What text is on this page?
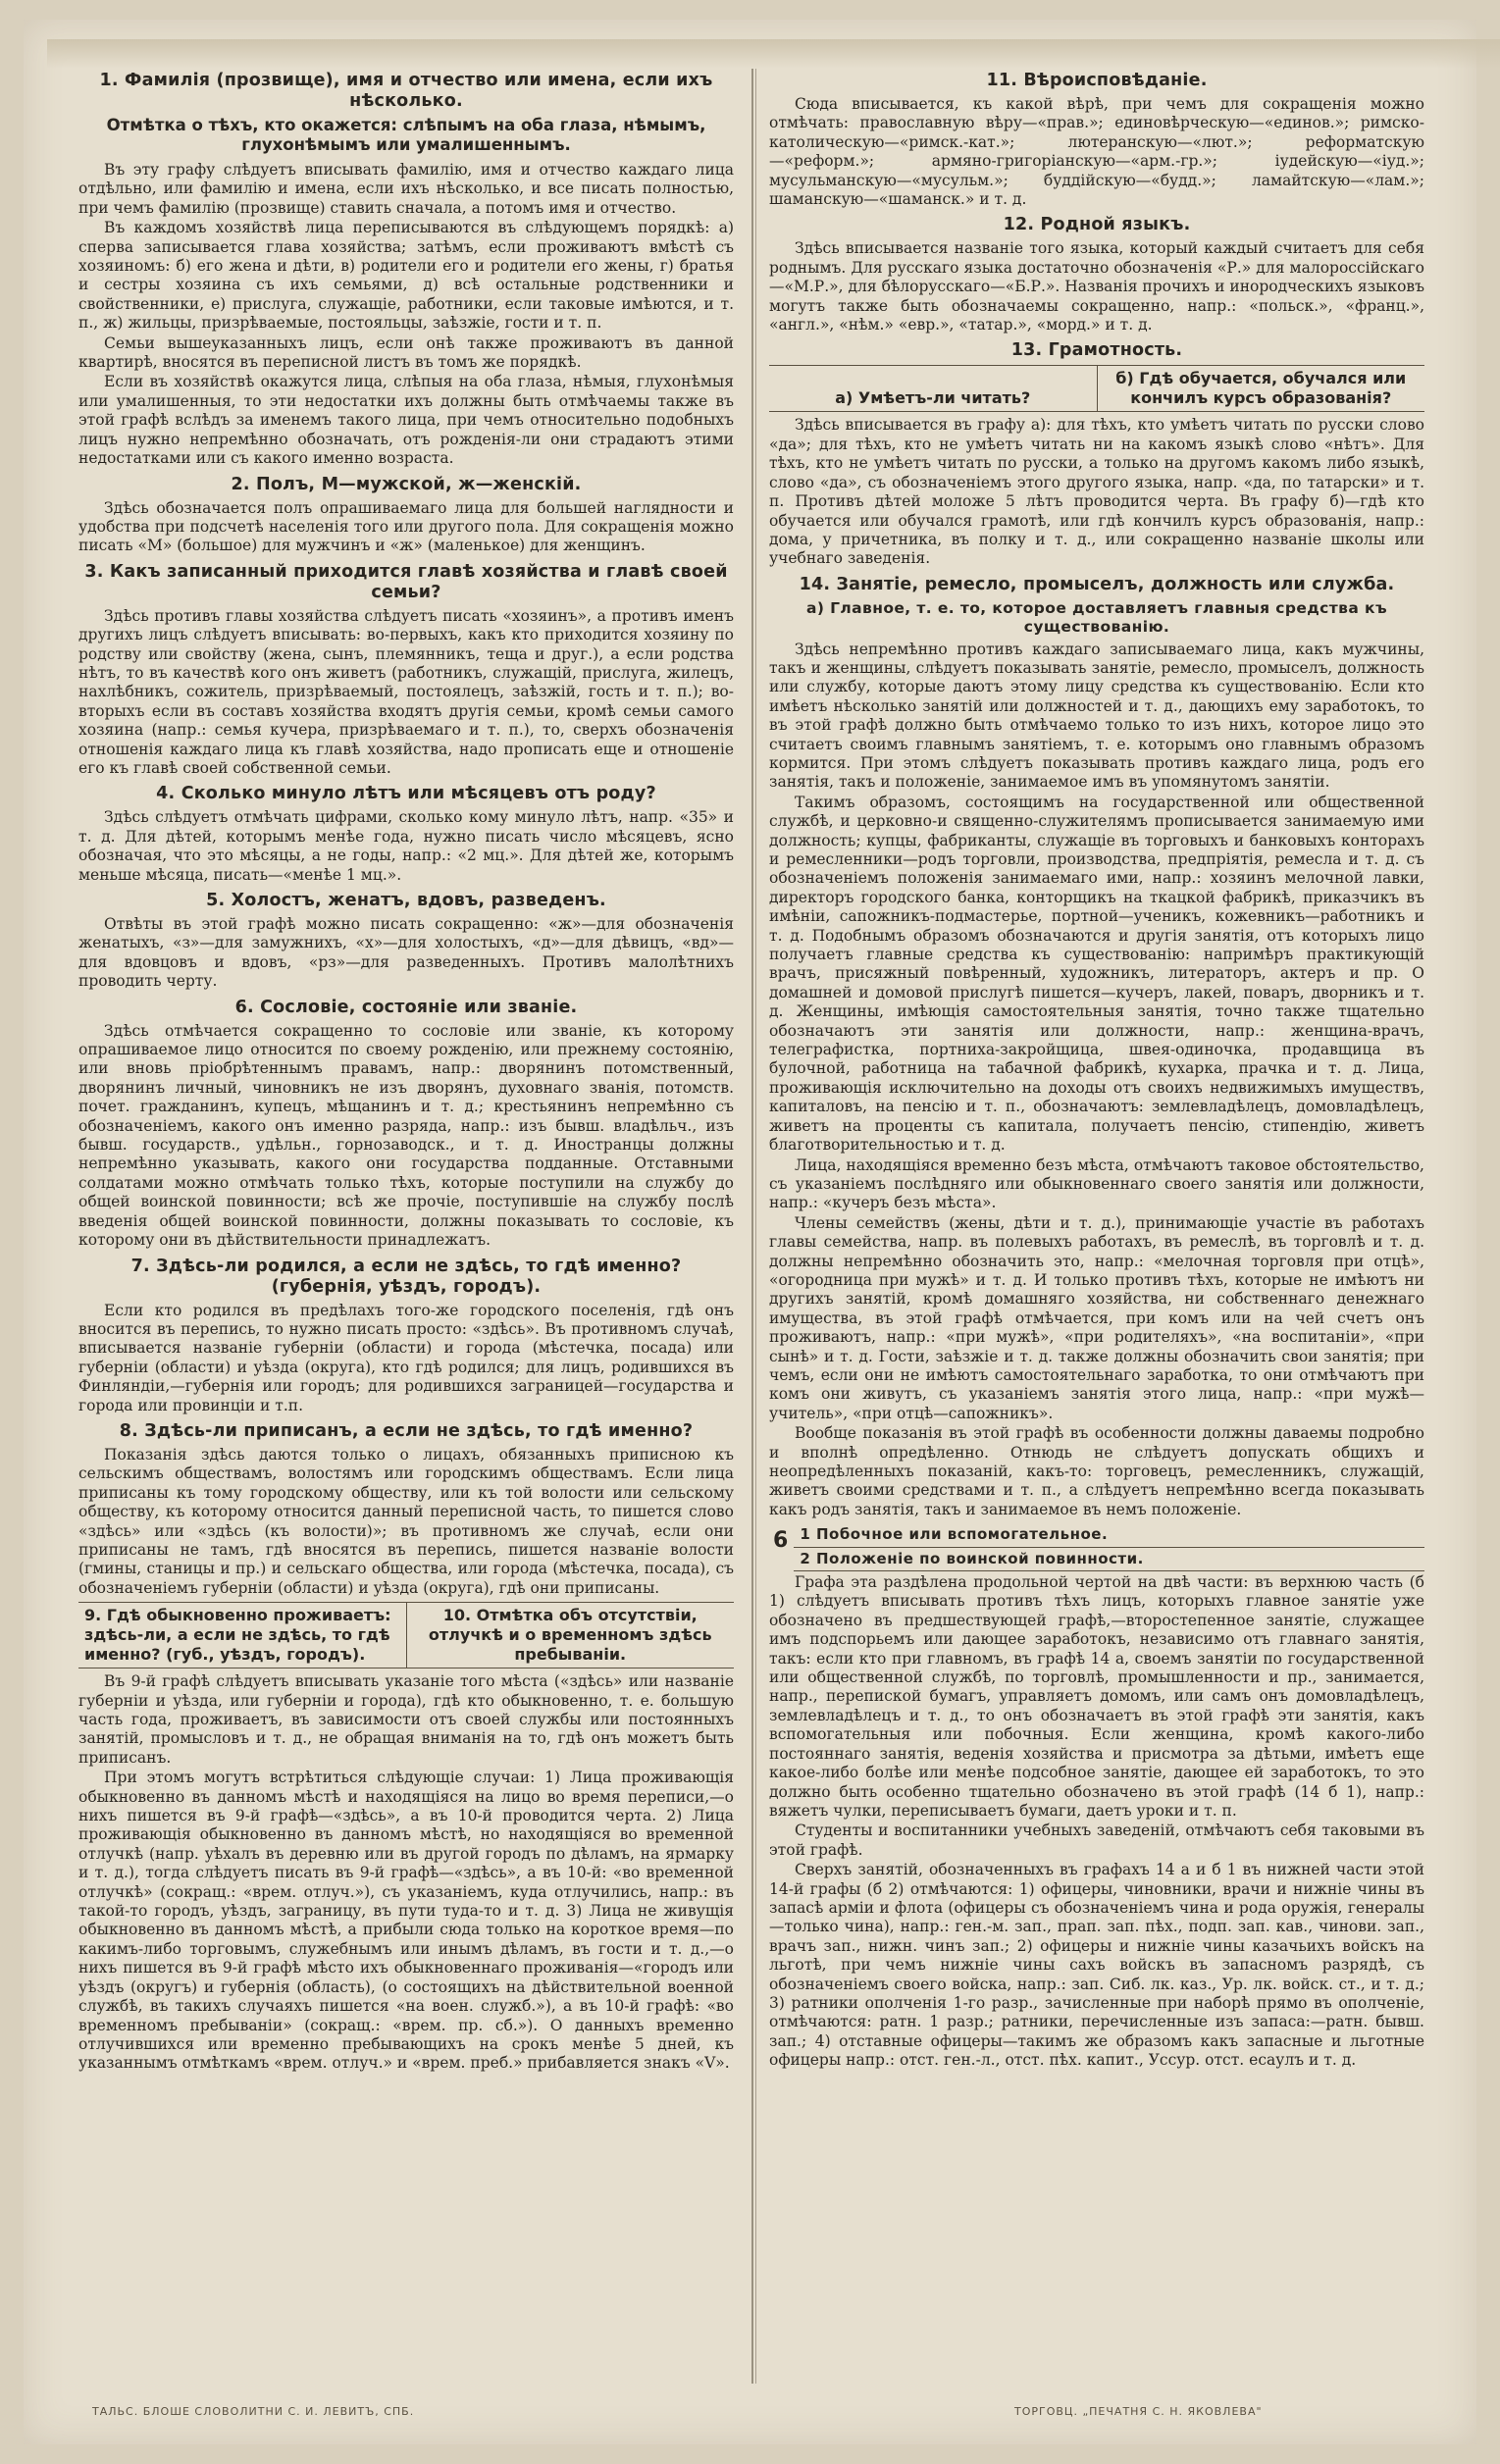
1. Фамилія (прозвище), имя и отчество или имена, если ихъ нѣсколько.
Отмѣтка о тѣхъ, кто окажется: слѣпымъ на оба глаза, нѣмымъ, глухонѣмымъ или умалишеннымъ.

Въ эту графу слѣдуетъ вписывать фамилію, имя и отчество каждаго лица отдѣльно, или фамилію и имена, если ихъ нѣсколько, и все писать полностью, при чемъ фамилію (прозвище) ставить сначала, а потомъ имя и отчество.

Въ каждомъ хозяйствѣ лица переписываются въ слѣдующемъ порядкѣ: а) сперва записывается глава хозяйства; затѣмъ, если проживаютъ вмѣстѣ съ хозяиномъ: б) его жена и дѣти, в) родители его и родители его жены, г) братья и сестры хозяина съ ихъ семьями, д) всѣ остальные родственники и свойственники, е) прислуга, служащіе, работники, если таковые имѣются, и т. п., ж) жильцы, призрѣваемые, постояльцы, заѣзжіе, гости и т. п.

Семьи вышеуказанныхъ лицъ, если онѣ также проживаютъ въ данной квартирѣ, вносятся въ переписной листъ въ томъ же порядкѣ.

Если въ хозяйствѣ окажутся лица, слѣпыя на оба глаза, нѣмыя, глухонѣмыя или умалишенныя, то эти недостатки ихъ должны быть отмѣчаемы также въ этой графѣ вслѣдъ за именемъ такого лица, при чемъ относительно подобныхъ лицъ нужно непремѣнно обозначать, отъ рожденія-ли они страдаютъ этими недостатками или съ какого именно возраста.

2. Полъ, М—мужской, ж—женскій.

Здѣсь обозначается полъ опрашиваемаго лица для большей наглядности и удобства при подсчетѣ населенія того или другого пола. Для сокращенія можно писать «М» (большое) для мужчинъ и «ж» (маленькое) для женщинъ.

3. Какъ записанный приходится главѣ хозяйства и главѣ своей семьи?

Здѣсь противъ главы хозяйства слѣдуетъ писать «хозяинъ», а противъ именъ другихъ лицъ слѣдуетъ вписывать: во-первыхъ, какъ кто приходится хозяину по родству или свойству (жена, сынъ, племянникъ, теща и друг.), а если родства нѣтъ, то въ качествѣ кого онъ живетъ (работникъ, служащій, прислуга, жилецъ, нахлѣбникъ, сожитель, призрѣваемый, постоялецъ, заѣзжій, гость и т. п.); во-вторыхъ если въ составъ хозяйства входятъ другія семьи, кромѣ семьи самого хозяина (напр.: семья кучера, призрѣваемаго и т. п.), то, сверхъ обозначенія отношенія каждаго лица къ главѣ хозяйства, надо прописать еще и отношеніе его къ главѣ своей собственной семьи.

4. Сколько минуло лѣтъ или мѣсяцевъ отъ роду?

Здѣсь слѣдуетъ отмѣчать цифрами, сколько кому минуло лѣтъ, напр. «35» и т. д. Для дѣтей, которымъ менѣе года, нужно писать число мѣсяцевъ, ясно обозначая, что это мѣсяцы, а не годы, напр.: «2 мц.». Для дѣтей же, которымъ меньше мѣсяца, писать—«менѣе 1 мц.».

5. Холостъ, женатъ, вдовъ, разведенъ.

Отвѣты въ этой графѣ можно писать сокращенно: «ж»—для обозначенія женатыхъ, «з»—для замужнихъ, «х»—для холостыхъ, «д»—для дѣвицъ, «вд»—для вдовцовъ и вдовъ, «рз»—для разведенныхъ. Противъ малолѣтнихъ проводить черту.

6. Сословіе, состояніе или званіе.

Здѣсь отмѣчается сокращенно то сословіе или званіе, къ которому опрашиваемое лицо относится по своему рожденію, или прежнему состоянію, или вновь пріобрѣтеннымъ правамъ, напр.: дворянинъ потомственный, дворянинъ личный, чиновникъ не изъ дворянъ, духовнаго званія, потомств. почет. гражданинъ, купецъ, мѣщанинъ и т. д.; крестьянинъ непремѣнно съ обозначеніемъ, какого онъ именно разряда, напр.: изъ бывш. владѣльч., изъ бывш. государств., удѣльн., горнозаводск., и т. д. Иностранцы должны непремѣнно указывать, какого они государства подданные. Отставными солдатами можно отмѣчать только тѣхъ, которые поступили на службу до общей воинской повинности; всѣ же прочіе, поступившіе на службу послѣ введенія общей воинской повинности, должны показывать то сословіе, къ которому они въ дѣйствительности принадлежатъ.

7. Здѣсь-ли родился, а если не здѣсь, то гдѣ именно? (губернія, уѣздъ, городъ).

Если кто родился въ предѣлахъ того-же городского поселенія, гдѣ онъ вносится въ перепись, то нужно писать просто: «здѣсь». Въ противномъ случаѣ, вписывается названіе губерніи (области) и города (мѣстечка, посада) или губерніи (области) и уѣзда (округа), кто гдѣ родился; для лицъ, родившихся въ Финляндіи,—губернія или городъ; для родившихся заграницей—государства и города или провинціи и т.п.

8. Здѣсь-ли приписанъ, а если не здѣсь, то гдѣ именно?

Показанія здѣсь даются только о лицахъ, обязанныхъ приписною къ сельскимъ обществамъ, волостямъ или городскимъ обществамъ. Если лица приписаны къ тому городскому обществу, или къ той волости или сельскому обществу, къ которому относится данный переписной часть, то пишется слово «здѣсь» или «здѣсь (къ волости)»; въ противномъ же случаѣ, если они приписаны не тамъ, гдѣ вносятся въ перепись, пишется названіе волости (гмины, станицы и пр.) и сельскаго общества, или города (мѣстечка, посада), съ обозначеніемъ губерніи (области) и уѣзда (округа), гдѣ они приписаны.

9. Гдѣ обыкновенно проживаетъ: здѣсь-ли, а если не здѣсь, то гдѣ именно? (губ., уѣздъ, городъ).
10. Отмѣтка объ отсутствіи, отлучкѣ и о временномъ здѣсь пребываніи.

Въ 9-й графѣ слѣдуетъ вписывать указаніе того мѣста («здѣсь» или названіе губерніи и уѣзда, или губерніи и города), гдѣ кто обыкновенно, т. е. большую часть года, проживаетъ, въ зависимости отъ своей службы или постоянныхъ занятій, промысловъ и т. д., не обращая вниманія на то, гдѣ онъ можетъ быть приписанъ.

При этомъ могутъ встрѣтиться слѣдующіе случаи: 1) Лица проживающія обыкновенно въ данномъ мѣстѣ и находящіяся на лицо во время переписи,—о нихъ пишется въ 9-й графѣ—«здѣсь», а въ 10-й проводится черта. 2) Лица проживающія обыкновенно въ данномъ мѣстѣ, но находящіяся во временной отлучкѣ (напр. уѣхалъ въ деревню или въ другой городъ по дѣламъ, на ярмарку и т. д.), тогда слѣдуетъ писать въ 9-й графѣ—«здѣсь», а въ 10-й: «во временной отлучкѣ» (сокращ.: «врем. отлуч.»), съ указаніемъ, куда отлучились, напр.: въ такой-то городъ, уѣздъ, заграницу, въ пути туда-то и т. д. 3) Лица не живущія обыкновенно въ данномъ мѣстѣ, а прибыли сюда только на короткое время—по какимъ-либо торговымъ, служебнымъ или инымъ дѣламъ, въ гости и т. д.,—о нихъ пишется въ 9-й графѣ мѣсто ихъ обыкновеннаго проживанія—«городъ или уѣздъ (округъ) и губернія (область), (о состоящихъ на дѣйствительной военной службѣ, въ такихъ случаяхъ пишется «на воен. служб.»), а въ 10-й графѣ: «во временномъ пребываніи» (сокращ.: «врем. пр. сб.»). О данныхъ временно отлучившихся или временно пребывающихъ на срокъ менѣе 5 дней, къ указаннымъ отмѣткамъ «врем. отлуч.» и «врем. преб.» прибавляется знакъ «V».

11. Вѣроисповѣданіе.

Сюда вписывается, къ какой вѣрѣ, при чемъ для сокращенія можно отмѣчать: православную вѣру—«прав.»; единовѣрческую—«единов.»; римско-католическую—«римск.-кат.»; лютеранскую—«лют.»; реформатскую—«реформ.»; армяно-григоріанскую—«арм.-гр.»; іудейскую—«іуд.»; мусульманскую—«мусульм.»; буддійскую—«будд.»; ламайтскую—«лам.»; шаманскую—«шаманск.» и т. д.

12. Родной языкъ.

Здѣсь вписывается названіе того языка, который каждый считаетъ для себя роднымъ. Для русскаго языка достаточно обозначенія «Р.» для малороссійскаго—«М.Р.», для бѣлорусскаго—«Б.Р.». Названія прочихъ и инородческихъ языковъ могутъ также быть обозначаемы сокращенно, напр.: «польск.», «франц.», «англ.», «нѣм.» «евр.», «татар.», «морд.» и т. д.

13. Грамотность.
а) Умѣетъ-ли читать?
б) Гдѣ обучается, обучался или кончилъ курсъ образованія?

Здѣсь вписывается въ графу а): для тѣхъ, кто умѣетъ читать по русски слово «да»; для тѣхъ, кто не умѣетъ читать ни на какомъ языкѣ слово «нѣтъ». Для тѣхъ, кто не умѣетъ читать по русски, а только на другомъ какомъ либо языкѣ, слово «да», съ обозначеніемъ этого другого языка, напр. «да, по татарски» и т. п. Противъ дѣтей моложе 5 лѣтъ проводится черта. Въ графу б)—гдѣ кто обучается или обучался грамотѣ, или гдѣ кончилъ курсъ образованія, напр.: дома, у причетника, въ полку и т. д., или сокращенно названіе школы или учебнаго заведенія.

14. Занятіе, ремесло, промыселъ, должность или служба.
а) Главное, т. е. то, которое доставляетъ главныя средства къ существованію.

Здѣсь непремѣнно противъ каждаго записываемаго лица, какъ мужчины, такъ и женщины, слѣдуетъ показывать занятіе, ремесло, промыселъ, должность или службу, которые даютъ этому лицу средства къ существованію. Если кто имѣетъ нѣсколько занятій или должностей и т. д., дающихъ ему заработокъ, то въ этой графѣ должно быть отмѣчаемо только то изъ нихъ, которое лицо это считаетъ своимъ главнымъ занятіемъ, т. е. которымъ оно главнымъ образомъ кормится. При этомъ слѣдуетъ показывать противъ каждаго лица, родъ его занятія, такъ и положеніе, занимаемое имъ въ упомянутомъ занятіи.

Такимъ образомъ, состоящимъ на государственной или общественной службѣ, и церковно-и священно-служителямъ прописывается занимаемую ими должность; купцы, фабриканты, служащіе въ торговыхъ и банковыхъ конторахъ и ремесленники—родъ торговли, производства, предпріятія, ремесла и т. д. съ обозначеніемъ положенія занимаемаго ими, напр.: хозяинъ мелочной лавки, директоръ городского банка, конторщикъ на ткацкой фабрикѣ, приказчикъ въ имѣніи, сапожникъ-подмастерье, портной—ученикъ, кожевникъ—работникъ и т. д. Подобнымъ образомъ обозначаются и другія занятія, отъ которыхъ лицо получаетъ главные средства къ существованію: напримѣръ практикующій врачъ, присяжный повѣренный, художникъ, литераторъ, актеръ и пр. О домашней и домовой прислугѣ пишется—кучеръ, лакей, поваръ, дворникъ и т. д. Женщины, имѣющія самостоятельныя занятія, точно также тщательно обозначаютъ эти занятія или должности, напр.: женщина-врачъ, телеграфистка, портниха-закройщица, швея-одиночка, продавщица въ булочной, работница на табачной фабрикѣ, кухарка, прачка и т. д. Лица, проживающія исключительно на доходы отъ своихъ недвижимыхъ имуществъ, капиталовъ, на пенсію и т. п., обозначаютъ: землевладѣлецъ, домовладѣлецъ, живетъ на проценты съ капитала, получаетъ пенсію, стипендію, живетъ благотворительностью и т. д.

Лица, находящіяся временно безъ мѣста, отмѣчаютъ таковое обстоятельство, съ указаніемъ послѣдняго или обыкновеннаго своего занятія или должности, напр.: «кучеръ безъ мѣста».

Члены семействъ (жены, дѣти и т. д.), принимающіе участіе въ работахъ главы семейства, напр. въ полевыхъ работахъ, въ ремеслѣ, въ торговлѣ и т. д. должны непремѣнно обозначить это, напр.: «мелочная торговля при отцѣ», «огородница при мужѣ» и т. д. И только противъ тѣхъ, которые не имѣютъ ни другихъ занятій, кромѣ домашняго хозяйства, ни собственнаго денежнаго имущества, въ этой графѣ отмѣчается, при комъ или на чей счетъ онъ проживаютъ, напр.: «при мужѣ», «при родителяхъ», «на воспитаніи», «при сынѣ» и т. д. Гости, заѣзжіе и т. д. также должны обозначить свои занятія; при чемъ, если они не имѣютъ самостоятельнаго заработка, то они отмѣчаютъ при комъ они живутъ, съ указаніемъ занятія этого лица, напр.: «при мужѣ—учитель», «при отцѣ—сапожникъ».

Вообще показанія въ этой графѣ въ особенности должны даваемы подробно и вполнѣ опредѣленно. Отнюдь не слѣдуетъ допускать общихъ и неопредѣленныхъ показаній, какъ-то: торговецъ, ремесленникъ, служащій, живетъ своими средствами и т. п., а слѣдуетъ непремѣнно всегда показывать какъ родъ занятія, такъ и занимаемое въ немъ положеніе.

6 1 Побочное или вспомогательное.
2 Положеніе по воинской повинности.

Графа эта раздѣлена продольной чертой на двѣ части: въ верхнюю часть (б 1) слѣдуетъ вписывать противъ тѣхъ лицъ, которыхъ главное занятіе уже обозначено въ предшествующей графѣ,—второстепенное занятіе, служащее имъ подспорьемъ или дающее заработокъ, независимо отъ главнаго занятія, такъ: если кто при главномъ, въ графѣ 14 а, своемъ занятіи по государственной или общественной службѣ, по торговлѣ, промышленности и пр., занимается, напр., перепиской бумагъ, управляетъ домомъ, или самъ онъ домовладѣлецъ, землевладѣлецъ и т. д., то онъ обозначаетъ въ этой графѣ эти занятія, какъ вспомогательныя или побочныя. Если женщина, кромѣ какого-либо постояннаго занятія, веденія хозяйства и присмотра за дѣтьми, имѣетъ еще какое-либо болѣе или менѣе подсобное занятіе, дающее ей заработокъ, то это должно быть особенно тщательно обозначено въ этой графѣ (14 б 1), напр.: вяжетъ чулки, переписываетъ бумаги, даетъ уроки и т. п.

Студенты и воспитанники учебныхъ заведеній, отмѣчаютъ себя таковыми въ этой графѣ.

Сверхъ занятій, обозначенныхъ въ графахъ 14 а и б 1 въ нижней части этой 14-й графы (б 2) отмѣчаются: 1) офицеры, чиновники, врачи и нижніе чины въ запасѣ арміи и флота (офицеры съ обозначеніемъ чина и рода оружія, генералы—только чина), напр.: ген.-м. зап., прап. зап. пѣх., подп. зап. кав., чинови. зап., врачъ зап., нижн. чинъ зап.; 2) офицеры и нижніе чины казачьихъ войскъ на льготѣ, при чемъ нижніе чины сахъ войскъ въ запасномъ разрядѣ, съ обозначеніемъ своего войска, напр.: зап. Сиб. лк. каз., Ур. лк. войск. ст., и т. д.; 3) ратники ополченія 1-го разр., зачисленные при наборѣ прямо въ ополченіе, отмѣчаются: ратн. 1 разр.; ратники, перечисленные изъ запаса:—ратн. бывш. зап.; 4) отставные офицеры—такимъ же образомъ какъ запасные и льготные офицеры напр.: отст. ген.-л., отст. пѣх. капит., Уссур. отст. есаулъ и т. д.

ТАЛЬС. БЛОШЕ СЛОВОЛИТНИ С. И. ЛЕВИТЪ, СПБ.	ТОРГОВЦ. „ПЕЧАТНЯ С. Н. ЯКОВЛЕВА"
